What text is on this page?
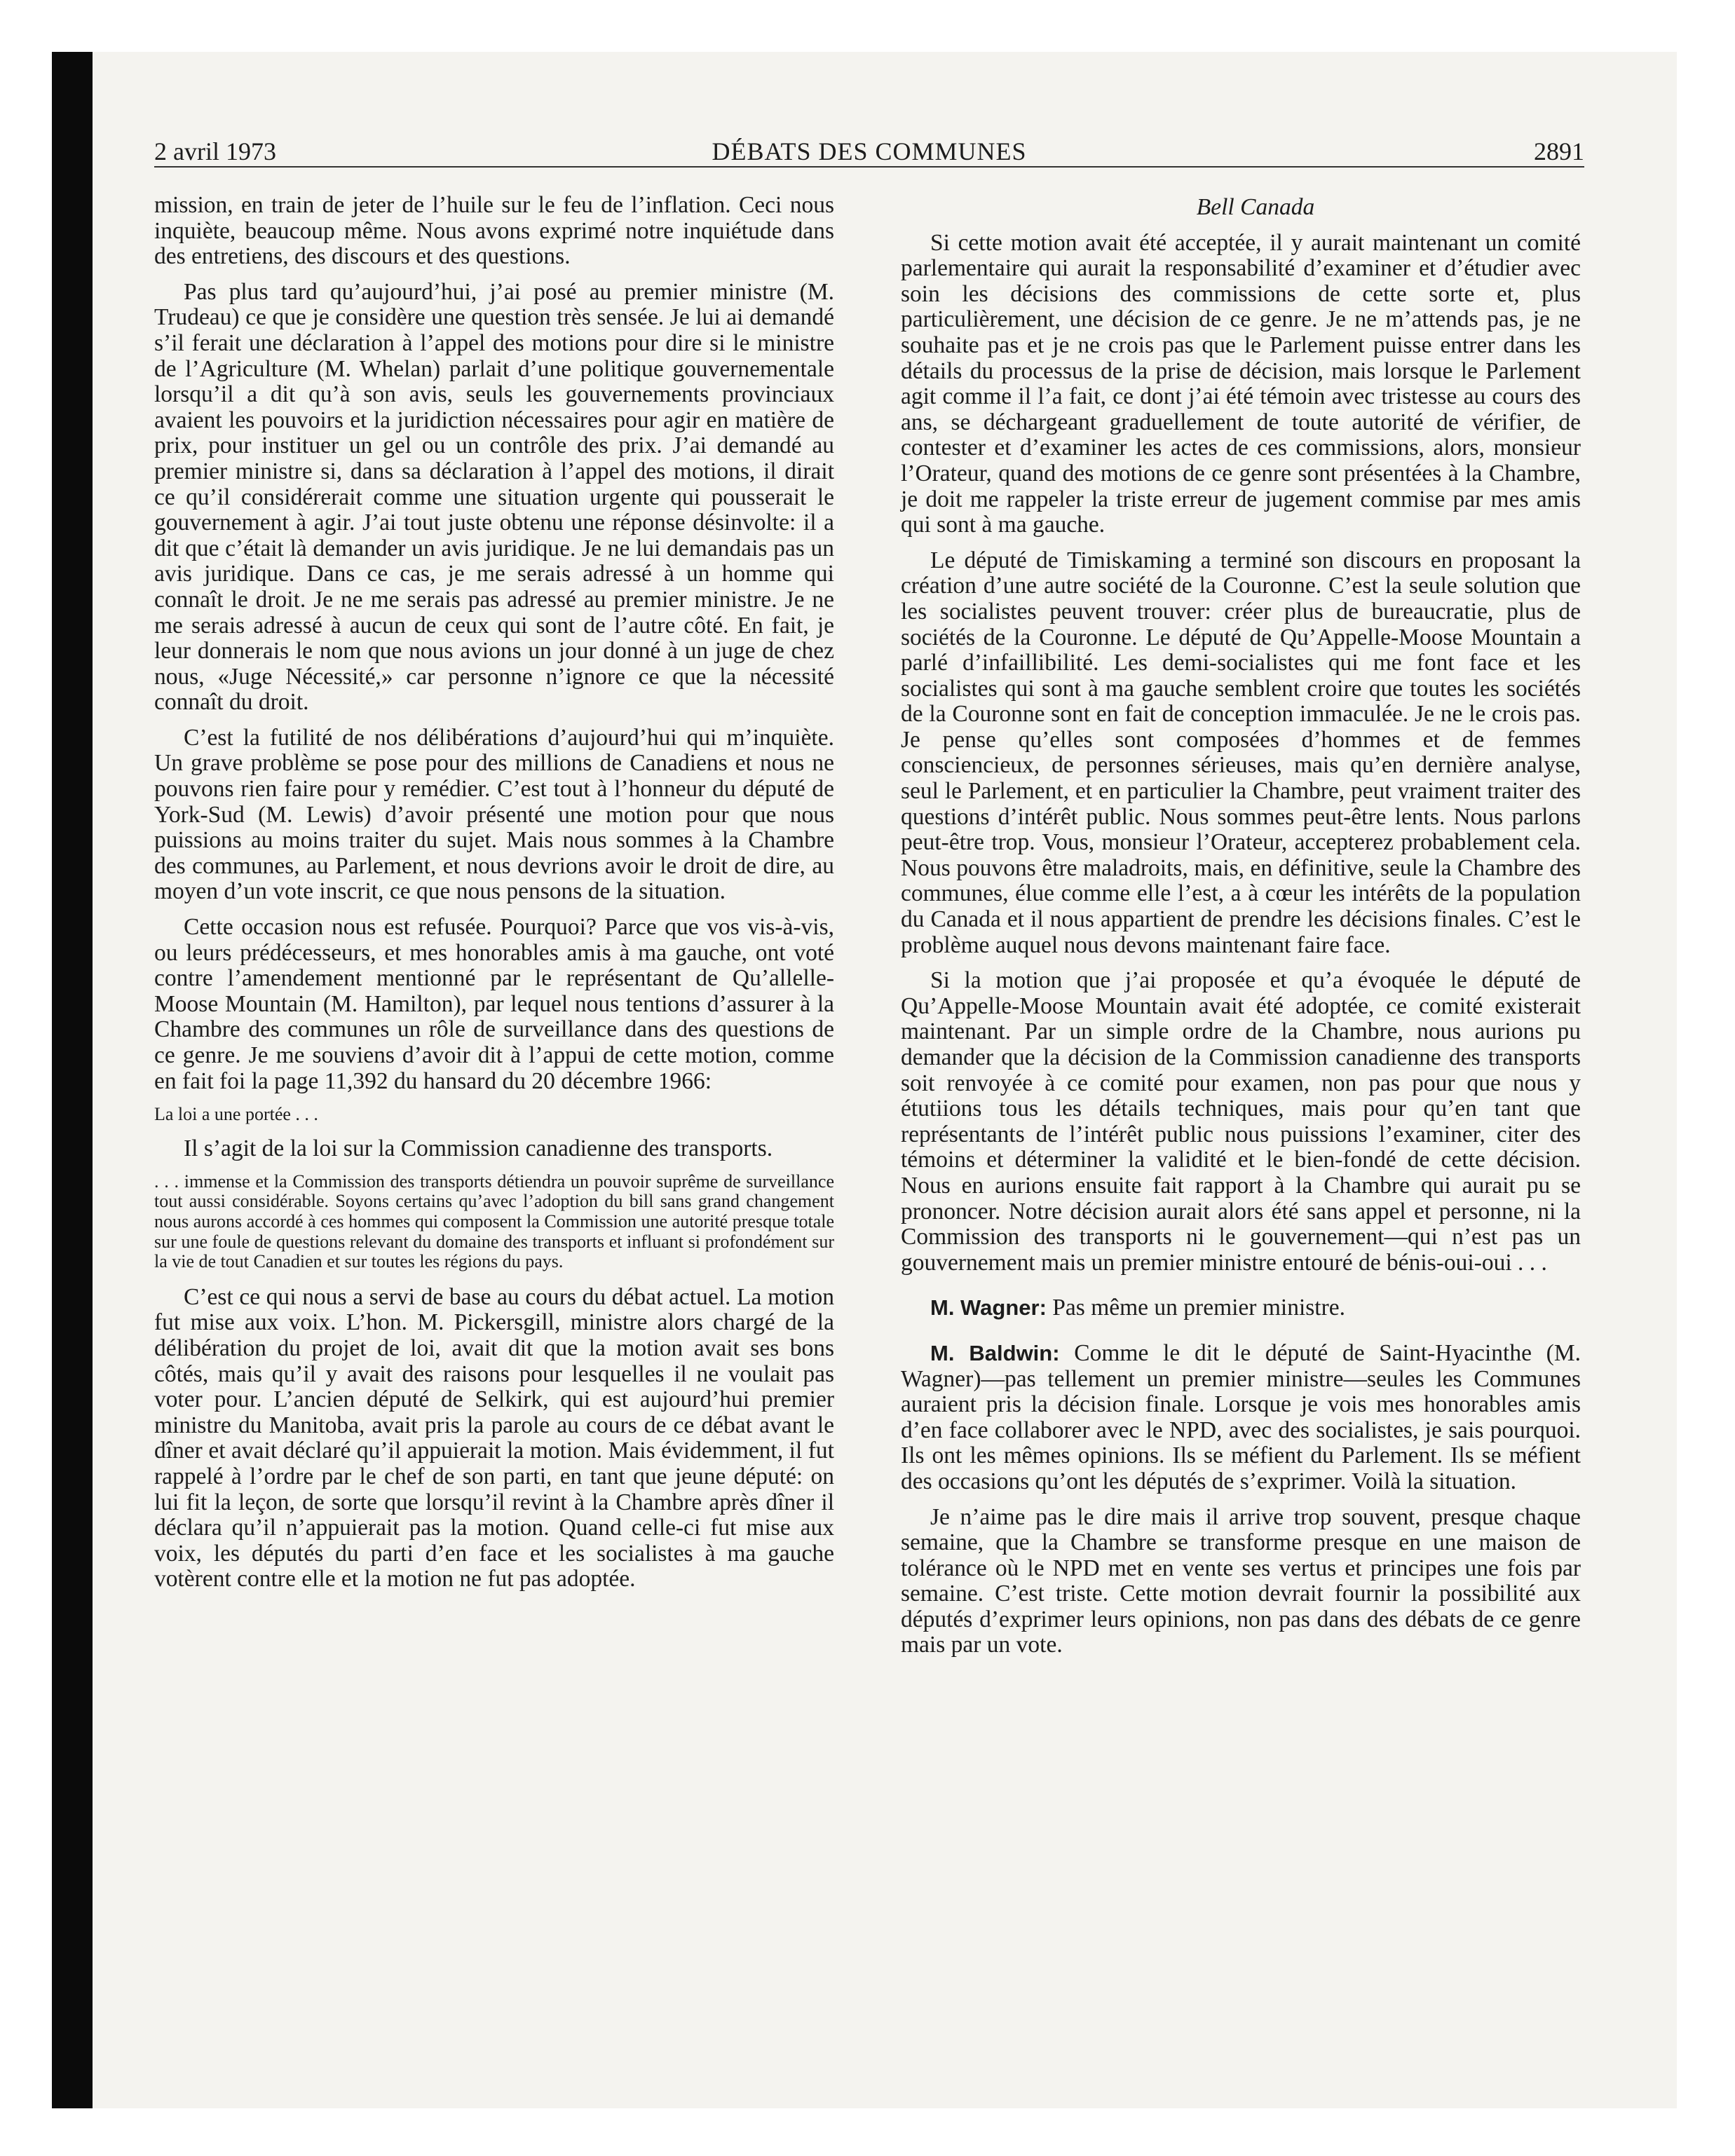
2 avril 1973	DÉBATS DES COMMUNES	2891

mission, en train de jeter de l’huile sur le feu de l’inflation. Ceci nous inquiète, beaucoup même. Nous avons exprimé notre inquiétude dans des entretiens, des discours et des questions.

Pas plus tard qu’aujourd’hui, j’ai posé au premier ministre (M. Trudeau) ce que je considère une question très sensée. Je lui ai demandé s’il ferait une déclaration à l’appel des motions pour dire si le ministre de l’Agriculture (M. Whelan) parlait d’une politique gouvernementale lorsqu’il a dit qu’à son avis, seuls les gouvernements provinciaux avaient les pouvoirs et la juridiction nécessaires pour agir en matière de prix, pour instituer un gel ou un contrôle des prix. J’ai demandé au premier ministre si, dans sa déclaration à l’appel des motions, il dirait ce qu’il considérerait comme une situation urgente qui pousserait le gouvernement à agir. J’ai tout juste obtenu une réponse désinvolte: il a dit que c’était là demander un avis juridique. Je ne lui demandais pas un avis juridique. Dans ce cas, je me serais adressé à un homme qui connaît le droit. Je ne me serais pas adressé au premier ministre. Je ne me serais adressé à aucun de ceux qui sont de l’autre côté. En fait, je leur donnerais le nom que nous avions un jour donné à un juge de chez nous, «Juge Nécessité,» car personne n’ignore ce que la nécessité connaît du droit.

C’est la futilité de nos délibérations d’aujourd’hui qui m’inquiète. Un grave problème se pose pour des millions de Canadiens et nous ne pouvons rien faire pour y remédier. C’est tout à l’honneur du député de York-Sud (M. Lewis) d’avoir présenté une motion pour que nous puissions au moins traiter du sujet. Mais nous sommes à la Chambre des communes, au Parlement, et nous devrions avoir le droit de dire, au moyen d’un vote inscrit, ce que nous pensons de la situation.

Cette occasion nous est refusée. Pourquoi? Parce que vos vis-à-vis, ou leurs prédécesseurs, et mes honorables amis à ma gauche, ont voté contre l’amendement mentionné par le représentant de Qu’allelle-Moose Mountain (M. Hamilton), par lequel nous tentions d’assurer à la Chambre des communes un rôle de surveillance dans des questions de ce genre. Je me souviens d’avoir dit à l’appui de cette motion, comme en fait foi la page 11,392 du hansard du 20 décembre 1966:

La loi a une portée . . .

Il s’agit de la loi sur la Commission canadienne des transports.

. . . immense et la Commission des transports détiendra un pouvoir suprême de surveillance tout aussi considérable. Soyons certains qu’avec l’adoption du bill sans grand changement nous aurons accordé à ces hommes qui composent la Commission une autorité presque totale sur une foule de questions relevant du domaine des transports et influant si profondément sur la vie de tout Canadien et sur toutes les régions du pays.

C’est ce qui nous a servi de base au cours du débat actuel. La motion fut mise aux voix. L’hon. M. Pickersgill, ministre alors chargé de la délibération du projet de loi, avait dit que la motion avait ses bons côtés, mais qu’il y avait des raisons pour lesquelles il ne voulait pas voter pour. L’ancien député de Selkirk, qui est aujourd’hui premier ministre du Manitoba, avait pris la parole au cours de ce débat avant le dîner et avait déclaré qu’il appuierait la motion. Mais évidemment, il fut rappelé à l’ordre par le chef de son parti, en tant que jeune député: on lui fit la leçon, de sorte que lorsqu’il revint à la Chambre après dîner il déclara qu’il n’appuierait pas la motion. Quand celle-ci fut mise aux voix, les députés du parti d’en face et les socialistes à ma gauche votèrent contre elle et la motion ne fut pas adoptée.

Bell Canada

Si cette motion avait été acceptée, il y aurait maintenant un comité parlementaire qui aurait la responsabilité d’examiner et d’étudier avec soin les décisions des commissions de cette sorte et, plus particulièrement, une décision de ce genre. Je ne m’attends pas, je ne souhaite pas et je ne crois pas que le Parlement puisse entrer dans les détails du processus de la prise de décision, mais lorsque le Parlement agit comme il l’a fait, ce dont j’ai été témoin avec tristesse au cours des ans, se déchargeant graduellement de toute autorité de vérifier, de contester et d’examiner les actes de ces commissions, alors, monsieur l’Orateur, quand des motions de ce genre sont présentées à la Chambre, je doit me rappeler la triste erreur de jugement commise par mes amis qui sont à ma gauche.

Le député de Timiskaming a terminé son discours en proposant la création d’une autre société de la Couronne. C’est la seule solution que les socialistes peuvent trouver: créer plus de bureaucratie, plus de sociétés de la Couronne. Le député de Qu’Appelle-Moose Mountain a parlé d’infaillibilité. Les demi-socialistes qui me font face et les socialistes qui sont à ma gauche semblent croire que toutes les sociétés de la Couronne sont en fait de conception immaculée. Je ne le crois pas. Je pense qu’elles sont composées d’hommes et de femmes consciencieux, de personnes sérieuses, mais qu’en dernière analyse, seul le Parlement, et en particulier la Chambre, peut vraiment traiter des questions d’intérêt public. Nous sommes peut-être lents. Nous parlons peut-être trop. Vous, monsieur l’Orateur, accepterez probablement cela. Nous pouvons être maladroits, mais, en définitive, seule la Chambre des communes, élue comme elle l’est, a à cœur les intérêts de la population du Canada et il nous appartient de prendre les décisions finales. C’est le problème auquel nous devons maintenant faire face.

Si la motion que j’ai proposée et qu’a évoquée le député de Qu’Appelle-Moose Mountain avait été adoptée, ce comité existerait maintenant. Par un simple ordre de la Chambre, nous aurions pu demander que la décision de la Commission canadienne des transports soit renvoyée à ce comité pour examen, non pas pour que nous y étutiions tous les détails techniques, mais pour qu’en tant que représentants de l’intérêt public nous puissions l’examiner, citer des témoins et déterminer la validité et le bien-fondé de cette décision. Nous en aurions ensuite fait rapport à la Chambre qui aurait pu se prononcer. Notre décision aurait alors été sans appel et personne, ni la Commission des transports ni le gouvernement—qui n’est pas un gouvernement mais un premier ministre entouré de bénis-oui-oui . . .

M. Wagner: Pas même un premier ministre.

M. Baldwin: Comme le dit le député de Saint-Hyacinthe (M. Wagner)—pas tellement un premier ministre—seules les Communes auraient pris la décision finale. Lorsque je vois mes honorables amis d’en face collaborer avec le NPD, avec des socialistes, je sais pourquoi. Ils ont les mêmes opinions. Ils se méfient du Parlement. Ils se méfient des occasions qu’ont les députés de s’exprimer. Voilà la situation.

Je n’aime pas le dire mais il arrive trop souvent, presque chaque semaine, que la Chambre se transforme presque en une maison de tolérance où le NPD met en vente ses vertus et principes une fois par semaine. C’est triste. Cette motion devrait fournir la possibilité aux députés d’exprimer leurs opinions, non pas dans des débats de ce genre mais par un vote.
